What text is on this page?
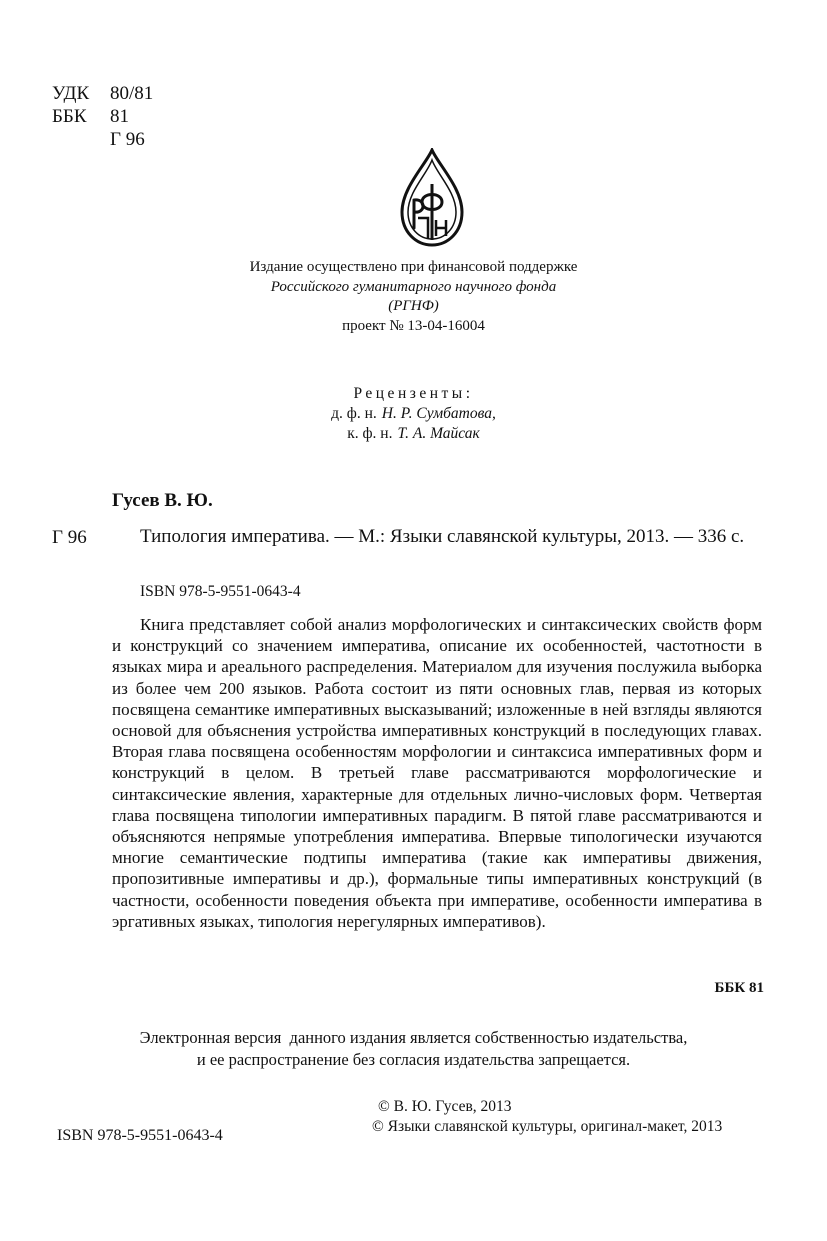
УДК	80/81
ББК	81
Г 96
Издание осуществлено при финансовой поддержке
Российского гуманитарного научного фонда
(РГНФ)
проект № 13-04-16004
Рецензенты:
д. ф. н. Н. Р. Сумбатова,
к. ф. н. Т. А. Майсак
Гусев В. Ю.
Г 96	Типология императива. — М.: Языки славянской культуры, 2013. — 336 с.
ISBN 978-5-9551-0643-4
Книга представляет собой анализ морфологических и синтаксических свойств форм и конструкций со значением императива, описание их особенностей, частотности в языках мира и ареального распределения. Материалом для изучения послужила выборка из более чем 200 языков. Работа состоит из пяти основных глав, первая из которых посвящена семантике императивных высказываний; изложенные в ней взгляды являются основой для объяснения устройства императивных конструкций в последующих главах. Вторая глава посвящена особенностям морфологии и синтаксиса императивных форм и конструкций в целом. В третьей главе рассматриваются морфологические и синтаксические явления, характерные для отдельных лично-числовых форм. Четвертая глава посвящена типологии императивных парадигм. В пятой главе рассматриваются и объясняются непрямые употребления императива. Впервые типологически изучаются многие семантические подтипы императива (такие как императивы движения, пропозитивные императивы и др.), формальные типы императивных конструкций (в частности, особенности поведения объекта при императиве, особенности императива в эргативных языках, типология нерегулярных императивов).
ББК 81
Электронная версия  данного издания является собственностью издательства,
и ее распространение без согласия издательства запрещается.
© В. Ю. Гусев, 2013
© Языки славянской культуры, оригинал-макет, 2013
ISBN 978-5-9551-0643-4
